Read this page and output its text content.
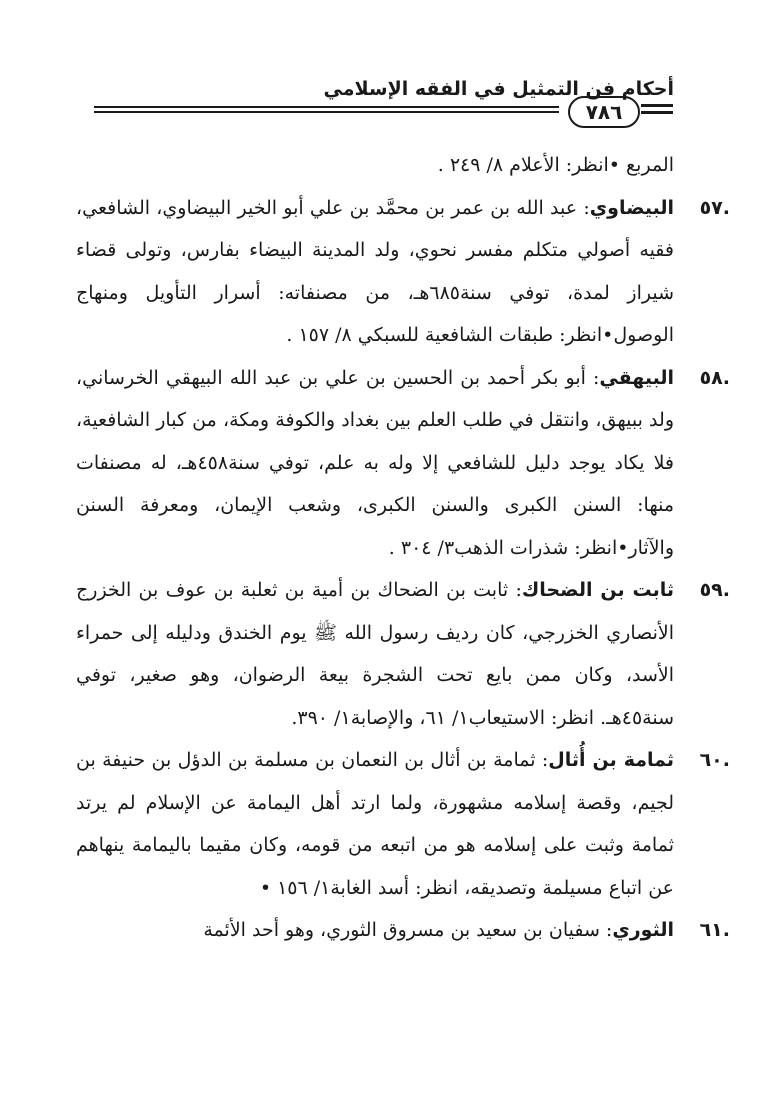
أحكام فن التمثيل في الفقه الإسلامي
٧٨٦

المربع •انظر: الأعلام ٨/ ٢٤٩ .

.٥٧
البيضاوي: عبد الله بن عمر بن محمَّد بن علي أبو الخير البيضاوي، الشافعي، فقيه أصولي متكلم مفسر نحوي، ولد المدينة البيضاء بفارس، وتولى قضاء شيراز لمدة، توفي سنة٦٨٥هـ، من مصنفاته: أسرار التأويل ومنهاج الوصول•انظر: طبقات الشافعية للسبكي ٨/ ١٥٧ .

.٥٨
البيهقي: أبو بكر أحمد بن الحسين بن علي بن عبد الله البيهقي الخرساني، ولد ببيهق، وانتقل في طلب العلم بين بغداد والكوفة ومكة، من كبار الشافعية، فلا يكاد يوجد دليل للشافعي إلا وله به علم، توفي سنة٤٥٨هـ، له مصنفات منها: السنن الكبرى والسنن الكبرى، وشعب الإيمان، ومعرفة السنن والآثار•انظر: شذرات الذهب٣/ ٣٠٤ .

.٥٩
ثابت بن الضحاك: ثابت بن الضحاك بن أمية بن ثعلبة بن عوف بن الخزرج الأنصاري الخزرجي، كان رديف رسول الله ﷺ يوم الخندق ودليله إلى حمراء الأسد، وكان ممن بايع تحت الشجرة بيعة الرضوان، وهو صغير، توفي سنة٤٥هـ. انظر: الاستيعاب١/ ٦١، والإصابة١/ ٣٩٠.

.٦٠
ثمامة بن أُثال: ثمامة بن أثال بن النعمان بن مسلمة بن الدؤل بن حنيفة بن لجيم، وقصة إسلامه مشهورة، ولما ارتد أهل اليمامة عن الإسلام لم يرتد ثمامة وثبت على إسلامه هو من اتبعه من قومه، وكان مقيما باليمامة ينهاهم عن اتباع مسيلمة وتصديقه، انظر: أسد الغابة١/ ١٥٦ •

.٦١
الثوري: سفيان بن سعيد بن مسروق الثوري، وهو أحد الأئمة
